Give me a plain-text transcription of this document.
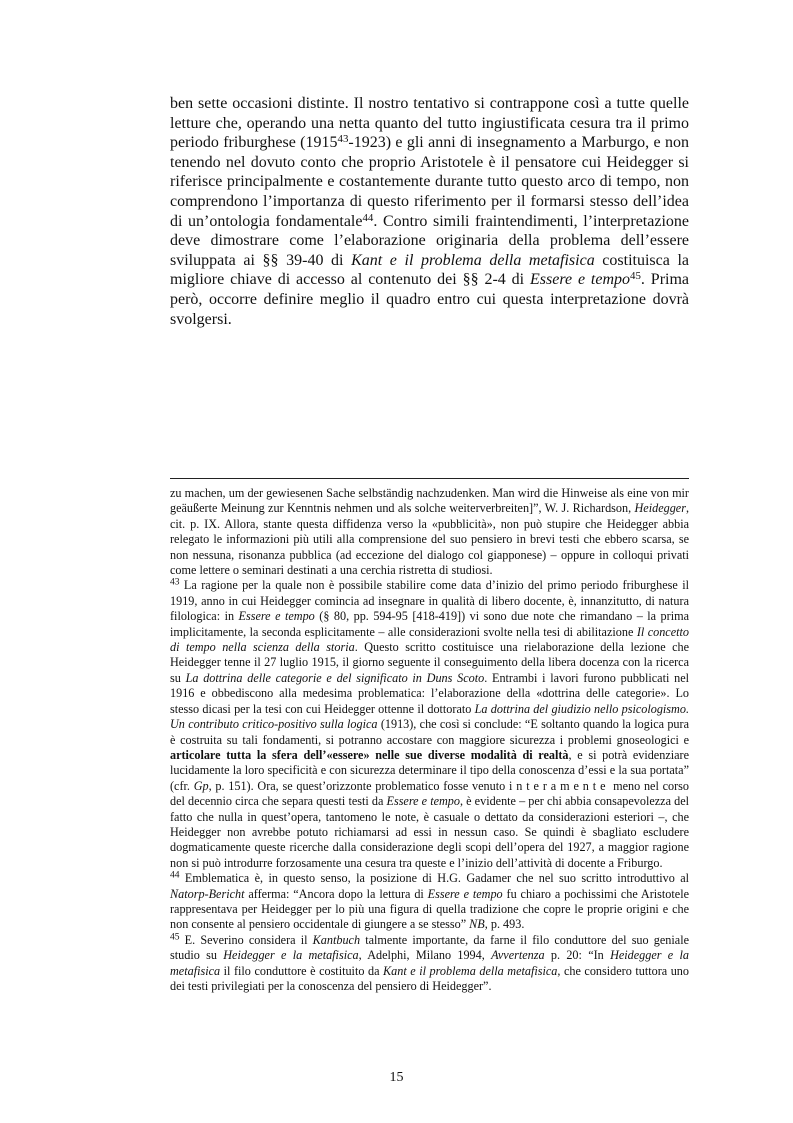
ben sette occasioni distinte. Il nostro tentativo si contrappone così a tutte quelle letture che, operando una netta quanto del tutto ingiustificata cesura tra il primo periodo friburghese (1915$^{43}$-1923) e gli anni di insegnamento a Marburgo, e non tenendo nel dovuto conto che proprio Aristotele è il pensatore cui Heidegger si riferisce principalmente e costantemente durante tutto questo arco di tempo, non comprendono l’importanza di questo riferimento per il formarsi stesso dell’idea di un’ontologia fondamentale$^{44}$. Contro simili fraintendimenti, l’interpretazione deve dimostrare come l’elaborazione originaria della problema dell’essere sviluppata ai §§ 39-40 di Kant e il problema della metafisica costituisca la migliore chiave di accesso al contenuto dei §§ 2-4 di Essere e tempo$^{45}$. Prima però, occorre definire meglio il quadro entro cui questa interpretazione dovrà svolgersi.

zu machen, um der gewiesenen Sache selbständig nachzudenken. Man wird die Hinweise als eine von mir geäußerte Meinung zur Kenntnis nehmen und als solche weiterverbreiten]”, W. J. Richardson, Heidegger, cit. p. IX. Allora, stante questa diffidenza verso la «pubblicità», non può stupire che Heidegger abbia relegato le informazioni più utili alla comprensione del suo pensiero in brevi testi che ebbero scarsa, se non nessuna, risonanza pubblica (ad eccezione del dialogo col giapponese) – oppure in colloqui privati come lettere o seminari destinati a una cerchia ristretta di studiosi.

$^{43}$ La ragione per la quale non è possibile stabilire come data d’inizio del primo periodo friburghese il 1919, anno in cui Heidegger comincia ad insegnare in qualità di libero docente, è, innanzitutto, di natura filologica: in Essere e tempo (§ 80, pp. 594-95 [418-419]) vi sono due note che rimandano – la prima implicitamente, la seconda esplicitamente – alle considerazioni svolte nella tesi di abilitazione Il concetto di tempo nella scienza della storia. Questo scritto costituisce una rielaborazione della lezione che Heidegger tenne il 27 luglio 1915, il giorno seguente il conseguimento della libera docenza con la ricerca su La dottrina delle categorie e del significato in Duns Scoto. Entrambi i lavori furono pubblicati nel 1916 e obbediscono alla medesima problematica: l’elaborazione della «dottrina delle categorie». Lo stesso dicasi per la tesi con cui Heidegger ottenne il dottorato La dottrina del giudizio nello psicologismo. Un contributo critico-positivo sulla logica (1913), che così si conclude: “E soltanto quando la logica pura è costruita su tali fondamenti, si potranno accostare con maggiore sicurezza i problemi gnoseologici e articolare tutta la sfera dell’«essere» nelle sue diverse modalità di realtà, e si potrà evidenziare lucidamente la loro specificità e con sicurezza determinare il tipo della conoscenza d’essi e la sua portata” (cfr. Gp, p. 151). Ora, se quest’orizzonte problematico fosse venuto interamente meno nel corso del decennio circa che separa questi testi da Essere e tempo, è evidente – per chi abbia consapevolezza del fatto che nulla in quest’opera, tantomeno le note, è casuale o dettato da considerazioni esteriori –, che Heidegger non avrebbe potuto richiamarsi ad essi in nessun caso. Se quindi è sbagliato escludere dogmaticamente queste ricerche dalla considerazione degli scopi dell’opera del 1927, a maggior ragione non si può introdurre forzosamente una cesura tra queste e l’inizio dell’attività di docente a Friburgo.

$^{44}$ Emblematica è, in questo senso, la posizione di H.G. Gadamer che nel suo scritto introduttivo al Natorp-Bericht afferma: “Ancora dopo la lettura di Essere e tempo fu chiaro a pochissimi che Aristotele rappresentava per Heidegger per lo più una figura di quella tradizione che copre le proprie origini e che non consente al pensiero occidentale di giungere a se stesso” NB, p. 493.

$^{45}$ E. Severino considera il Kantbuch talmente importante, da farne il filo conduttore del suo geniale studio su Heidegger e la metafisica, Adelphi, Milano 1994, Avvertenza p. 20: “In Heidegger e la metafisica il filo conduttore è costituito da Kant e il problema della metafisica, che considero tuttora uno dei testi privilegiati per la conoscenza del pensiero di Heidegger”.

15
